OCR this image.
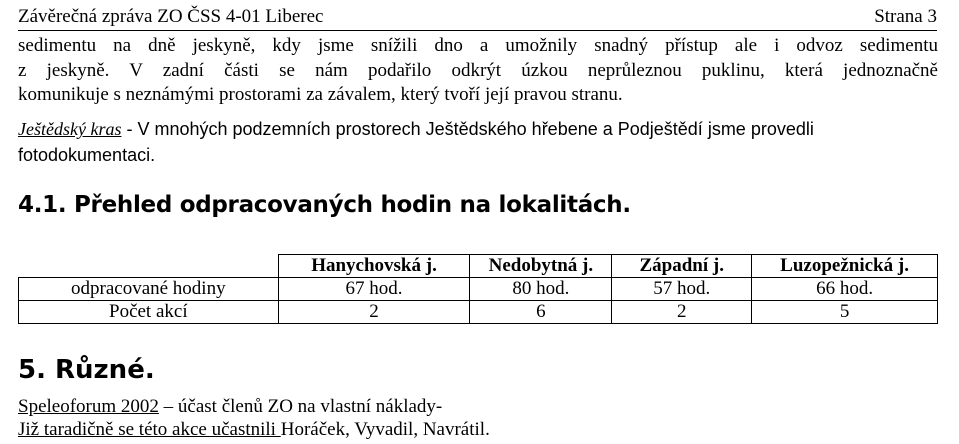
Závěrečná zpráva ZO ČSS 4-01 Liberec	Strana 3
sedimentu na dně jeskyně, kdy jsme snížili dno a umožnily snadný přístup ale i odvoz sedimentu
z jeskyně. V zadní části se nám podařilo odkrýt úzkou neprůleznou puklinu, která jednoznačně
komunikuje s neznámými prostorami za závalem, který tvoří její pravou stranu.
Ještědský kras - V mnohých podzemních prostorech Ještědského hřebene a Podještědí jsme provedli fotodokumentaci.
4.1. Přehled odpracovaných hodin na lokalitách.
	Hanychovská j.	Nedobytná j.	Západní j.	Luzopežnická j.
odpracované hodiny	67 hod.	80 hod.	57 hod.	66 hod.
Počet akcí	2	6	2	5
5. Různé.
Speleoforum 2002 – účast členů ZO na vlastní náklady-
Již taradičně se této akce učastnili Horáček, Vyvadil, Navrátil.
